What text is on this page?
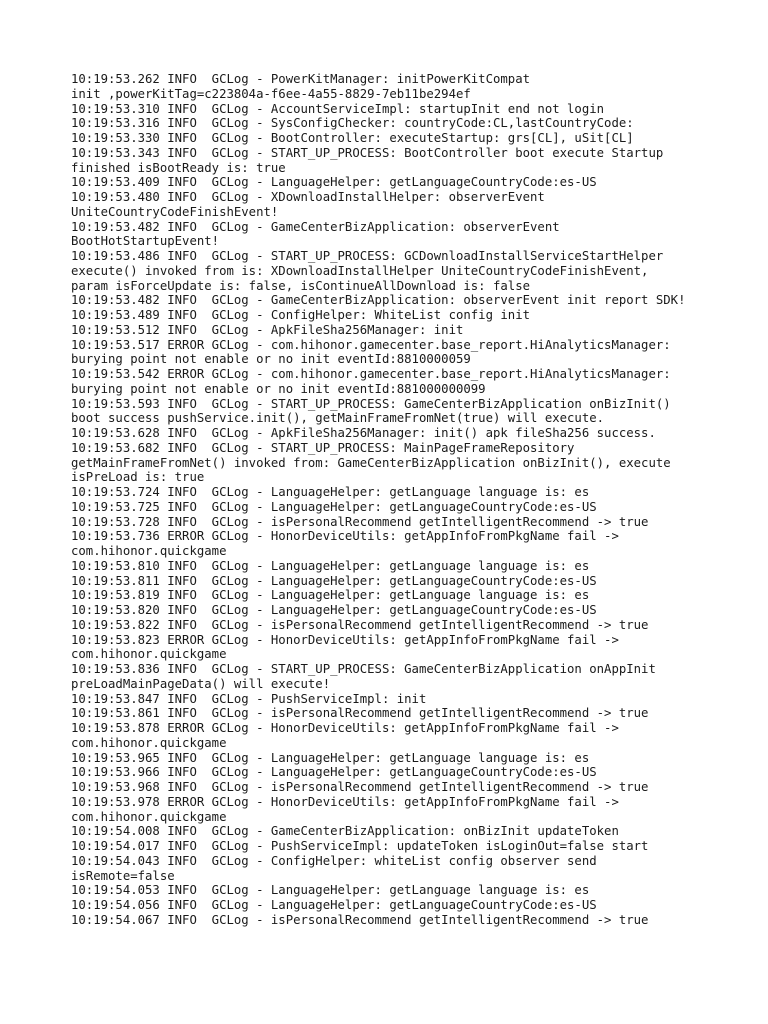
10:19:53.262 INFO  GCLog - PowerKitManager: initPowerKitCompat

init ,powerKitTag=c223804a-f6ee-4a55-8829-7eb11be294ef

10:19:53.310 INFO  GCLog - AccountServiceImpl: startupInit end not login

10:19:53.316 INFO  GCLog - SysConfigChecker: countryCode:CL,lastCountryCode:

10:19:53.330 INFO  GCLog - BootController: executeStartup: grs[CL], uSit[CL]

10:19:53.343 INFO  GCLog - START_UP_PROCESS: BootController boot execute Startup

finished isBootReady is: true

10:19:53.409 INFO  GCLog - LanguageHelper: getLanguageCountryCode:es-US

10:19:53.480 INFO  GCLog - XDownloadInstallHelper: observerEvent

UniteCountryCodeFinishEvent!

10:19:53.482 INFO  GCLog - GameCenterBizApplication: observerEvent

BootHotStartupEvent!

10:19:53.486 INFO  GCLog - START_UP_PROCESS: GCDownloadInstallServiceStartHelper

execute() invoked from is: XDownloadInstallHelper UniteCountryCodeFinishEvent,

param isForceUpdate is: false, isContinueAllDownload is: false

10:19:53.482 INFO  GCLog - GameCenterBizApplication: observerEvent init report SDK!

10:19:53.489 INFO  GCLog - ConfigHelper: WhiteList config init

10:19:53.512 INFO  GCLog - ApkFileSha256Manager: init

10:19:53.517 ERROR GCLog - com.hihonor.gamecenter.base_report.HiAnalyticsManager:

burying point not enable or no init eventId:8810000059

10:19:53.542 ERROR GCLog - com.hihonor.gamecenter.base_report.HiAnalyticsManager:

burying point not enable or no init eventId:881000000099

10:19:53.593 INFO  GCLog - START_UP_PROCESS: GameCenterBizApplication onBizInit()

boot success pushService.init(), getMainFrameFromNet(true) will execute.

10:19:53.628 INFO  GCLog - ApkFileSha256Manager: init() apk fileSha256 success.

10:19:53.682 INFO  GCLog - START_UP_PROCESS: MainPageFrameRepository

getMainFrameFromNet() invoked from: GameCenterBizApplication onBizInit(), execute

isPreLoad is: true

10:19:53.724 INFO  GCLog - LanguageHelper: getLanguage language is: es

10:19:53.725 INFO  GCLog - LanguageHelper: getLanguageCountryCode:es-US

10:19:53.728 INFO  GCLog - isPersonalRecommend getIntelligentRecommend -> true

10:19:53.736 ERROR GCLog - HonorDeviceUtils: getAppInfoFromPkgName fail ->

com.hihonor.quickgame

10:19:53.810 INFO  GCLog - LanguageHelper: getLanguage language is: es

10:19:53.811 INFO  GCLog - LanguageHelper: getLanguageCountryCode:es-US

10:19:53.819 INFO  GCLog - LanguageHelper: getLanguage language is: es

10:19:53.820 INFO  GCLog - LanguageHelper: getLanguageCountryCode:es-US

10:19:53.822 INFO  GCLog - isPersonalRecommend getIntelligentRecommend -> true

10:19:53.823 ERROR GCLog - HonorDeviceUtils: getAppInfoFromPkgName fail ->

com.hihonor.quickgame

10:19:53.836 INFO  GCLog - START_UP_PROCESS: GameCenterBizApplication onAppInit

preLoadMainPageData() will execute!

10:19:53.847 INFO  GCLog - PushServiceImpl: init

10:19:53.861 INFO  GCLog - isPersonalRecommend getIntelligentRecommend -> true

10:19:53.878 ERROR GCLog - HonorDeviceUtils: getAppInfoFromPkgName fail ->

com.hihonor.quickgame

10:19:53.965 INFO  GCLog - LanguageHelper: getLanguage language is: es

10:19:53.966 INFO  GCLog - LanguageHelper: getLanguageCountryCode:es-US

10:19:53.968 INFO  GCLog - isPersonalRecommend getIntelligentRecommend -> true

10:19:53.978 ERROR GCLog - HonorDeviceUtils: getAppInfoFromPkgName fail ->

com.hihonor.quickgame

10:19:54.008 INFO  GCLog - GameCenterBizApplication: onBizInit updateToken

10:19:54.017 INFO  GCLog - PushServiceImpl: updateToken isLoginOut=false start

10:19:54.043 INFO  GCLog - ConfigHelper: whiteList config observer send

isRemote=false

10:19:54.053 INFO  GCLog - LanguageHelper: getLanguage language is: es

10:19:54.056 INFO  GCLog - LanguageHelper: getLanguageCountryCode:es-US

10:19:54.067 INFO  GCLog - isPersonalRecommend getIntelligentRecommend -> true
